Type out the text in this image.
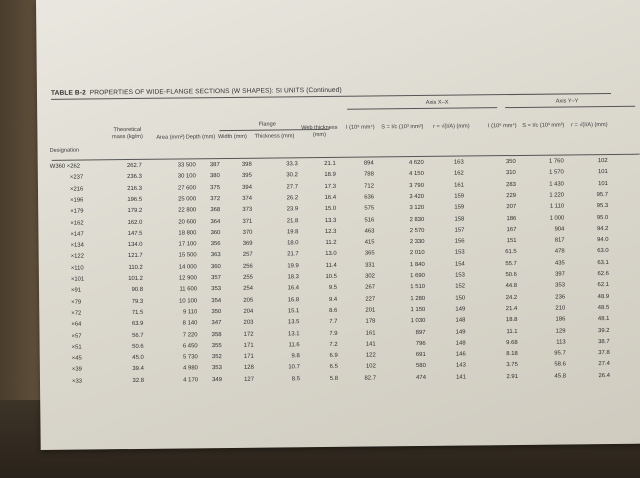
TABLE B-2 PROPERTIES OF WIDE-FLANGE SECTIONS (W SHAPES): SI UNITS (Continued)
Designation
Theoretical mass (kg/m)	Area (mm²) Depth (mm)
Flange
Width (mm)	Thickness (mm)
Web thickness (mm)
Axis X–X	Axis Y–Y
I (10⁶ mm⁴)	S = I/c (10³ mm³)	r = √(I/A) (mm)	I (10⁶ mm⁴) S = I/c (10³ mm³)	r = √(I/A) (mm)
W360 ×262	262.7	33 500	387	398	33.3	21.1	894	4 620	163	350	1 760	102
×237	236.3	30 100	380	395	30.2	18.9	788	4 150	162	310	1 570	101
×216	216.3	27 600	375	394	27.7	17.3	712	3 790	161	283	1 430	101
×196	196.5	25 000	372	374	26.2	16.4	636	3 420	159	229	1 220	95.7
×179	179.2	22 800	368	373	23.9	15.0	575	3 120	159	207	1 110	95.3
×162	162.0	20 600	364	371	21.8	13.3	516	2 830	158	186	1 000	95.0
×147	147.5	18 800	360	370	19.8	12.3	463	2 570	157	167	904	94.2
×134	134.0	17 100	356	369	18.0	11.2	415	2 330	156	151	817	94.0
×122	121.7	15 500	363	257	21.7	13.0	365	2 010	153	61.5	478	63.0
×110	110.2	14 000	360	256	19.9	11.4	331	1 840	154	55.7	435	63.1
×101	101.2	12 900	357	255	18.3	10.5	302	1 690	153	50.6	397	62.6
×91	90.8	11 600	353	254	16.4	9.5	267	1 510	152	44.8	353	62.1
×79	79.3	10 100	354	205	16.8	9.4	227	1 280	150	24.2	236	48.9
×72	71.5	9 110	350	204	15.1	8.6	201	1 150	149	21.4	210	48.5
×64	63.9	8 140	347	203	13.5	7.7	178	1 030	148	18.8	186	48.1
×57	56.7	7 220	358	172	13.1	7.9	161	897	149	11.1	129	39.2
×51	50.6	6 450	355	171	11.6	7.2	141	796	148	9.68	113	38.7
×45	45.0	5 730	352	171	9.8	6.9	122	691	146	8.18	95.7	37.8
×39	39.4	4 980	353	128	10.7	6.5	102	580	143	3.75	58.6	27.4
×33	32.8	4 170	349	127	8.5	5.8	82.7	474	141	2.91	45.8	26.4
